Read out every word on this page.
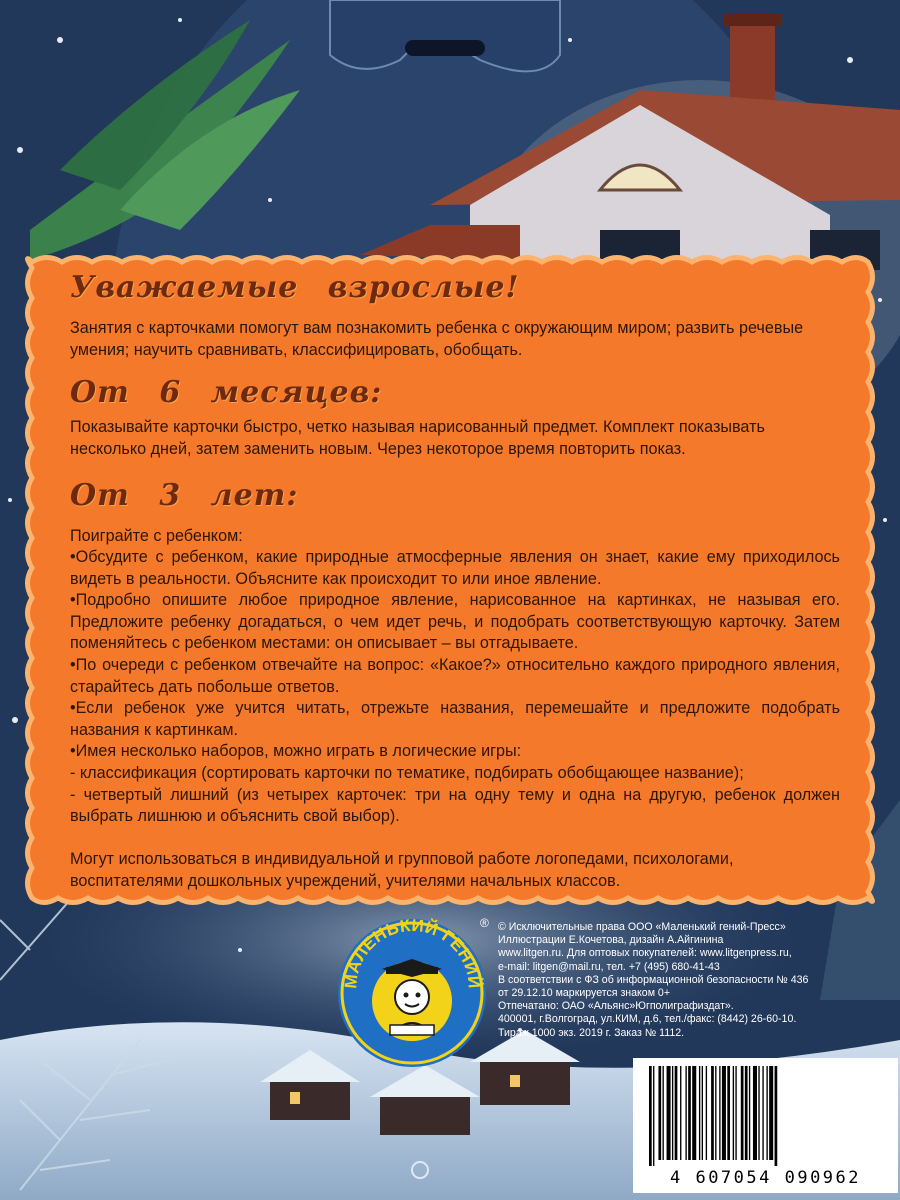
Уважаемые взрослые!
Занятия с карточками помогут вам познакомить ребенка с окружающим миром; развить речевые умения; научить сравнивать, классифицировать, обобщать.
От 6 месяцев:
Показывайте карточки быстро, четко называя нарисованный предмет. Комплект показывать несколько дней, затем заменить новым. Через некоторое время повторить показ.
От 3 лет:
Поиграйте с ребенком:
•Обсудите с ребенком, какие природные атмосферные явления он знает, какие ему приходилось видеть в реальности. Объясните как происходит то или иное явление.
•Подробно опишите любое природное явление, нарисованное на картинках, не называя его. Предложите ребенку догадаться, о чем идет речь, и подобрать соответствующую карточку. Затем поменяйтесь с ребенком местами: он описывает – вы отгадываете.
•По очереди с ребенком отвечайте на вопрос: «Какое?» относительно каждого природного явления, старайтесь дать побольше ответов.
•Если ребенок уже учится читать, отрежьте названия, перемешайте и предложите подобрать названия к картинкам.
•Имея несколько наборов, можно играть в логические игры:
- классификация (сортировать карточки по тематике, подбирать обобщающее название);
- четвертый лишний (из четырех карточек: три на одну тему и одна на другую, ребенок должен выбрать лишнюю и объяснить свой выбор).
Могут использоваться в индивидуальной и групповой работе логопедами, психологами, воспитателями дошкольных учреждений, учителями начальных классов.
МАЛЕНЬКИЙ ГЕНИЙ
® © Исключительные права ООО «Маленький гений-Пресс»
Иллюстрации Е.Кочетова, дизайн А.Айгинина
www.litgen.ru. Для оптовых покупателей: www.litgenpress.ru,
e-mail: litgen@mail.ru, тел. +7 (495) 680-41-43
В соответствии с ФЗ об информационной безопасности № 436
от 29.12.10 маркируется знаком 0+
Отпечатано: ОАО «Альянс»Югполиграфиздат».
400001, г.Волгоград, ул.КИМ, д.6, тел./факс: (8442) 26-60-10.
Тираж 1000 экз. 2019 г. Заказ № 1112.
4 607054 090962
